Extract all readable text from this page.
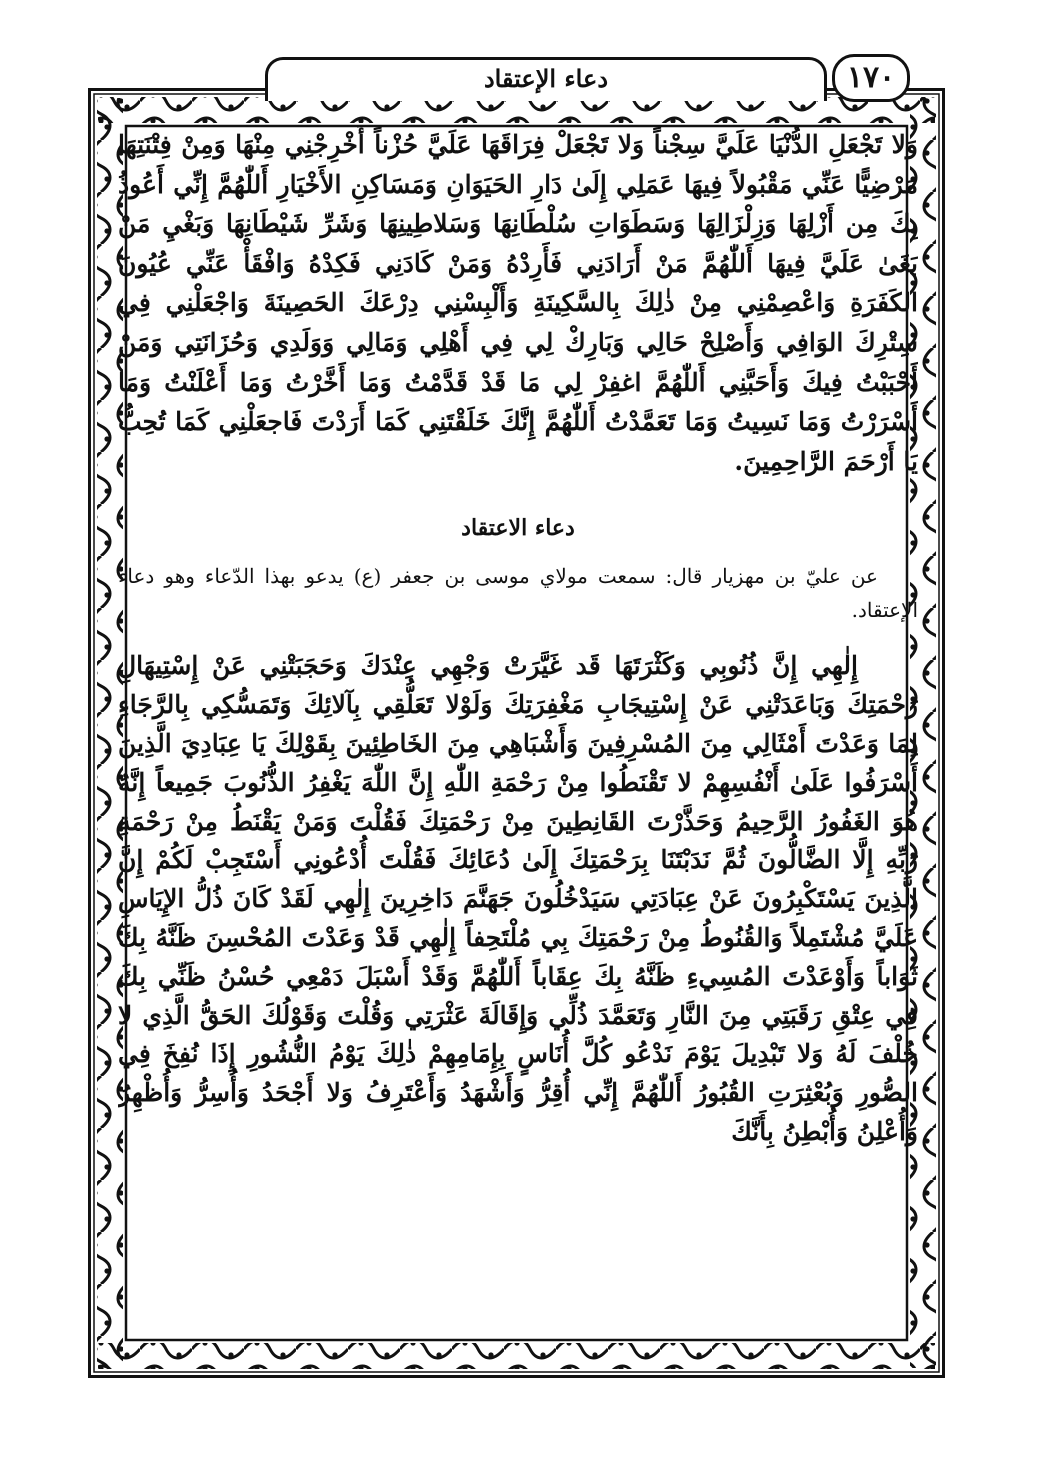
دعاء الإعتقاد	١٧٠

وَلا تَجْعَلِ الدُّنْيَا عَلَيَّ سِجْناً وَلا تَجْعَلْ فِرَاقَهَا عَلَيَّ حُزْناً أَخْرِجْنِي مِنْهَا وَمِنْ فِتْنَتِهَا مَرْضِيًّا عَنِّي مَقْبُولاً فِيهَا عَمَلِي إِلَىٰ دَارِ الحَيَوَانِ وَمَسَاكِنِ الأَخْيَارِ أَللّٰهُمَّ إِنِّي أَعُوذُ بِكَ مِن أَزْلِهَا وَزِلْزَالِهَا وَسَطَوَاتِ سُلْطَانِهَا وَسَلاطِينِهَا وَشَرِّ شَيْطَانِهَا وَبَغْيِ مَنْ بَغَىٰ عَلَيَّ فِيهَا أَللّٰهُمَّ مَنْ أَرَادَنِي فَأَرِدْهُ وَمَنْ كَادَنِي فَكِدْهُ وَافْقَأْ عَنِّي عُيُونَ الكَفَرَةِ وَاعْصِمْنِي مِنْ ذٰلِكَ بِالسَّكِينَةِ وَأَلْبِسْنِي دِرْعَكَ الحَصِينَةَ وَاجْعَلْنِي فِي سِتْرِكَ الوَافِي وَأَصْلِحْ حَالِي وَبَارِكْ لِي فِي أَهْلِي وَمَالِي وَوَلَدِي وَحُزَانَتِي وَمَنْ أَحْبَبْتُ فِيكَ وَأَحَبَّنِي أَللّٰهُمَّ اغفِرْ لِي مَا قَدْ قَدَّمْتُ وَمَا أَخَّرْتُ وَمَا أَعْلَنْتُ وَمَا أَسْرَرْتُ وَمَا نَسِيتُ وَمَا تَعَمَّدْتُ أَللّٰهُمَّ إِنَّكَ خَلَقْتَنِي كَمَا أَرَدْتَ فَاجعَلْنِي كَمَا تُحِبُّ يَا أَرْحَمَ الرَّاحِمِينَ.

دعاء الاعتقاد

عن عليّ بن مهزيار قال: سمعت مولاي موسى بن جعفر (ع) يدعو بهذا الدّعاء وهو دعاء الإعتقاد.

إِلٰهِي إِنَّ ذُنُوبِي وَكَثْرَتَهَا قَد غَيَّرَتْ وَجْهِي عِنْدَكَ وَحَجَبَتْنِي عَنْ إِسْتِيهَالِ رَحْمَتِكَ وَبَاعَدَتْنِي عَنْ إِسْتِيجَابِ مَغْفِرَتِكَ وَلَوْلا تَعَلُّقِي بِآلائِكَ وَتَمَسُّكِي بِالرَّجَاءِ لِمَا وَعَدْتَ أَمْثَالِي مِنَ المُسْرِفِينَ وَأَشْبَاهِي مِنَ الخَاطِئِينَ بِقَوْلِكَ يَا عِبَادِيَ الَّذِينَ أَسْرَفُوا عَلَىٰ أَنْفُسِهِمْ لا تَقْنَطُوا مِنْ رَحْمَةِ اللّٰهِ إِنَّ اللّٰهَ يَغْفِرُ الذُّنُوبَ جَمِيعاً إِنَّهُ هُوَ الغَفُورُ الرَّحِيمُ وَحَذَّرْتَ القَانِطِينَ مِنْ رَحْمَتِكَ فَقُلْتَ وَمَنْ يَقْنَطُ مِنْ رَحْمَةِ رَبِّهِ إِلَّا الضَّالُّونَ ثُمَّ نَدَبْتَنَا بِرَحْمَتِكَ إِلَىٰ دُعَائِكَ فَقُلْتَ أُدْعُونِي أَسْتَجِبْ لَكُمْ إِنَّ الَّذِينَ يَسْتَكْبِرُونَ عَنْ عِبَادَتِي سَيَدْخُلُونَ جَهَنَّمَ دَاخِرِينَ إِلٰهِي لَقَدْ كَانَ ذُلُّ الإِيَاسِ عَلَيَّ مُشْتَمِلاً وَالقُنُوطُ مِنْ رَحْمَتِكَ بِي مُلْتَحِفاً إِلٰهِي قَدْ وَعَدْتَ المُحْسِنَ ظَنَّهُ بِكَ ثَوَاباً وَأَوْعَدْتَ المُسِيءِ ظَنَّهُ بِكَ عِقَاباً أَللّٰهُمَّ وَقَدْ أَسْبَلَ دَمْعِي حُسْنُ ظَنِّي بِكَ فِي عِتْقِ رَقَبَتِي مِنَ النَّارِ وَتَعَمَّدَ ذُلِّي وَإِقَالَةَ عَثْرَتِي وَقُلْتَ وَقَوْلُكَ الحَقُّ الَّذِي لا خُلْفَ لَهُ وَلا تَبْدِيلَ يَوْمَ نَدْعُو كُلَّ أُنَاسٍ بِإِمَامِهِمْ ذٰلِكَ يَوْمُ النُّشُورِ إِذَا نُفِخَ فِي الصُّورِ وَبُعْثِرَتِ القُبُورُ أَللّٰهُمَّ إِنِّي أُقِرُّ وَأَشْهَدُ وَأَعْتَرِفُ وَلا أَجْحَدُ وَأُسِرُّ وَأُظْهِرُ وَأُعْلِنُ وَأُبْطِنُ بِأَنَّكَ
